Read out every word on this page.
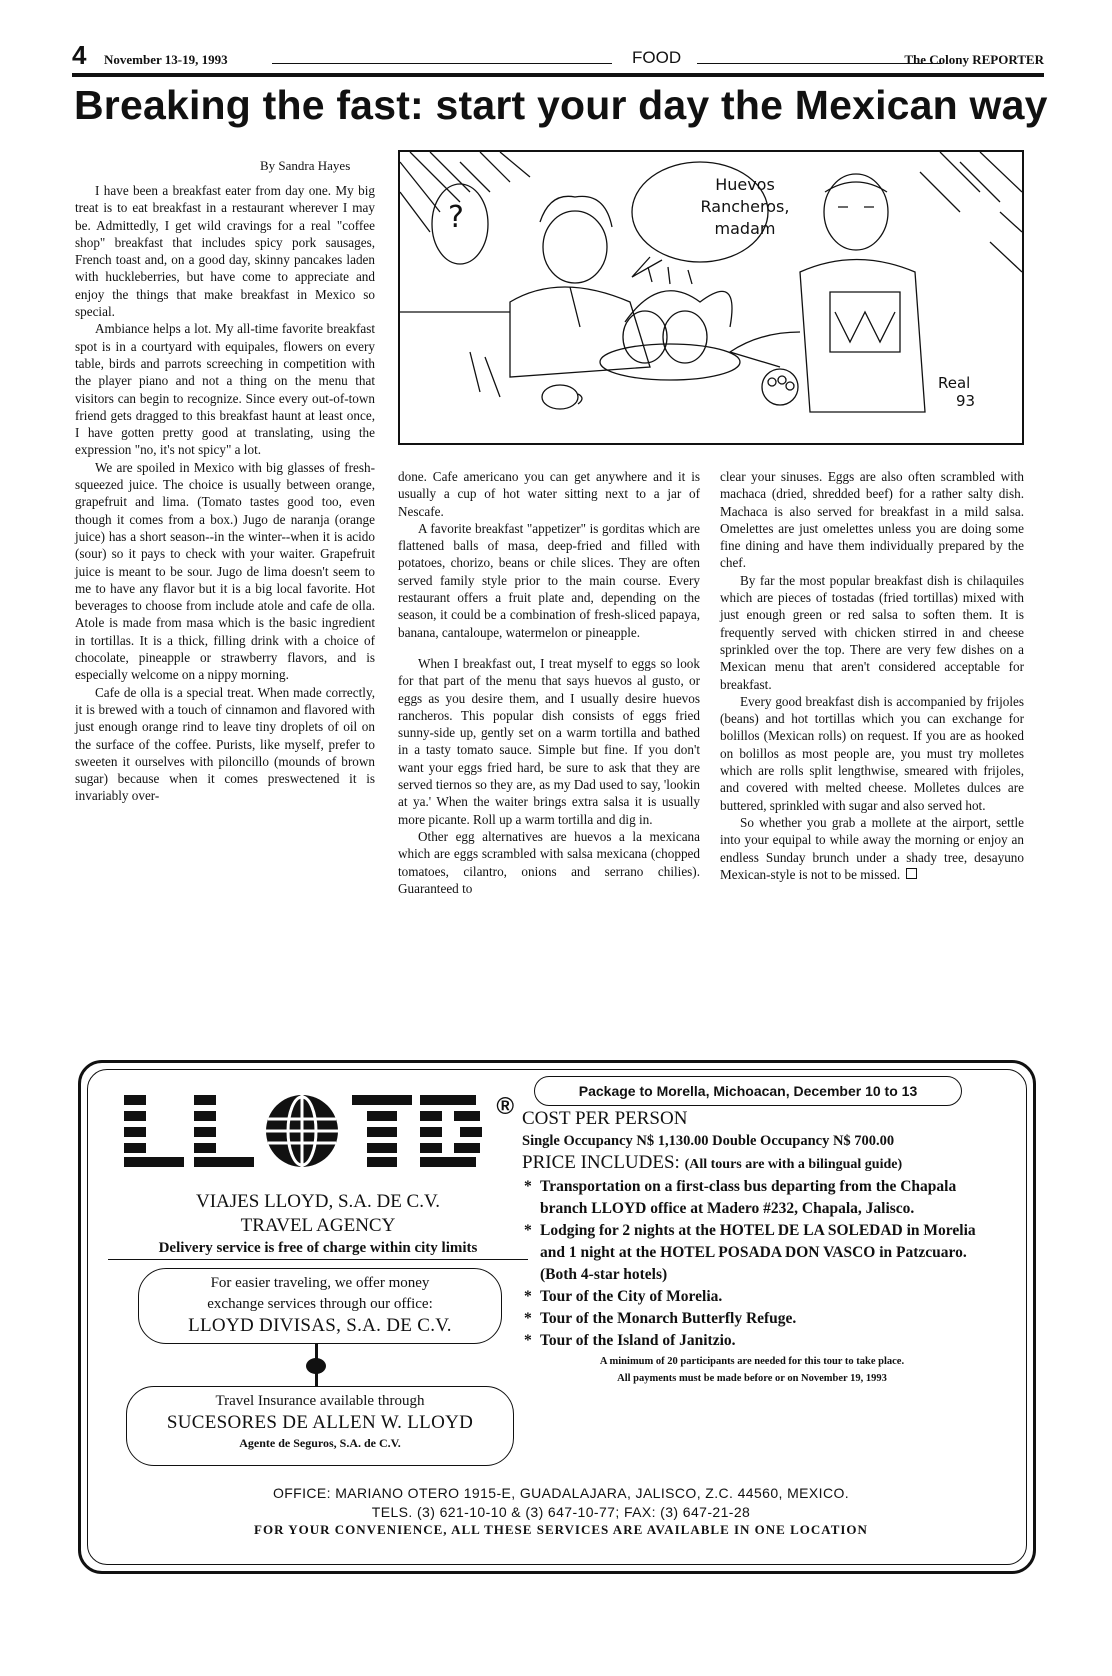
4 November 13-19, 1993	FOOD	The Colony REPORTER
Breaking the fast: start your day the Mexican way
By Sandra Hayes

I have been a breakfast eater from day one. My big treat is to eat breakfast in a restaurant wherever I may be. Admittedly, I get wild cravings for a real "coffee shop" breakfast that includes spicy pork sausages, French toast and, on a good day, skinny pancakes laden with huckleberries, but have come to appreciate and enjoy the things that make breakfast in Mexico so special.

Ambiance helps a lot. My all-time favorite breakfast spot is in a courtyard with equipales, flowers on every table, birds and parrots screeching in competition with the player piano and not a thing on the menu that visitors can begin to recognize. Since every out-of-town friend gets dragged to this breakfast haunt at least once, I have gotten pretty good at translating, using the expression "no, it's not spicy" a lot.

We are spoiled in Mexico with big glasses of fresh-squeezed juice. The choice is usually between orange, grapefruit and lima. (Tomato tastes good too, even though it comes from a box.) Jugo de naranja (orange juice) has a short season--in the winter--when it is acido (sour) so it pays to check with your waiter. Grapefruit juice is meant to be sour. Jugo de lima doesn't seem to me to have any flavor but it is a big local favorite. Hot beverages to choose from include atole and cafe de olla. Atole is made from masa which is the basic ingredient in tortillas. It is a thick, filling drink with a choice of chocolate, pineapple or strawberry flavors, and is especially welcome on a nippy morning.

Cafe de olla is a special treat. When made correctly, it is brewed with a touch of cinnamon and flavored with just enough orange rind to leave tiny droplets of oil on the surface of the coffee. Purists, like myself, prefer to sweeten it ourselves with piloncillo (mounds of brown sugar) because when it comes preswectened it is invariably over-

Huevos
Rancheros,
madam
?
Real
93

done. Cafe americano you can get anywhere and it is usually a cup of hot water sitting next to a jar of Nescafe.

A favorite breakfast "appetizer" is gorditas which are flattened balls of masa, deep-fried and filled with potatoes, chorizo, beans or chile slices. They are often served family style prior to the main course. Every restaurant offers a fruit plate and, depending on the season, it could be a combination of fresh-sliced papaya, banana, cantaloupe, watermelon or pineapple.

When I breakfast out, I treat myself to eggs so look for that part of the menu that says huevos al gusto, or eggs as you desire them, and I usually desire huevos rancheros. This popular dish consists of eggs fried sunny-side up, gently set on a warm tortilla and bathed in a tasty tomato sauce. Simple but fine. If you don't want your eggs fried hard, be sure to ask that they are served tiernos so they are, as my Dad used to say, 'lookin at ya.' When the waiter brings extra salsa it is usually more picante. Roll up a warm tortilla and dig in.

Other egg alternatives are huevos a la mexicana which are eggs scrambled with salsa mexicana (chopped tomatoes, cilantro, onions and serrano chilies). Guaranteed to

clear your sinuses. Eggs are also often scrambled with machaca (dried, shredded beef) for a rather salty dish. Machaca is also served for breakfast in a mild salsa. Omelettes are just omelettes unless you are doing some fine dining and have them individually prepared by the chef.

By far the most popular breakfast dish is chilaquiles which are pieces of tostadas (fried tortillas) mixed with just enough green or red salsa to soften them. It is frequently served with chicken stirred in and cheese sprinkled over the top. There are very few dishes on a Mexican menu that aren't considered acceptable for breakfast.

Every good breakfast dish is accompanied by frijoles (beans) and hot tortillas which you can exchange for bolillos (Mexican rolls) on request. If you are as hooked on bolillos as most people are, you must try molletes which are rolls split lengthwise, smeared with frijoles, and covered with melted cheese. Molletes dulces are buttered, sprinkled with sugar and also served hot.

So whether you grab a mollete at the airport, settle into your equipal to while away the morning or enjoy an endless Sunday brunch under a shady tree, desayuno Mexican-style is not to be missed.

®
VIAJES LLOYD, S.A. DE C.V.
TRAVEL AGENCY
Delivery service is free of charge within city limits
For easier traveling, we offer money
exchange services through our office:
LLOYD DIVISAS, S.A. DE C.V.
Travel Insurance available through
SUCESORES DE ALLEN W. LLOYD
Agente de Seguros, S.A. de C.V.
Package to Morella, Michoacan, December 10 to 13
COST PER PERSON
Single Occupancy N$ 1,130.00 Double Occupancy N$ 700.00
PRICE INCLUDES: (All tours are with a bilingual guide)
* Transportation on a first-class bus departing from the Chapala branch LLOYD office at Madero #232, Chapala, Jalisco.
* Lodging for 2 nights at the HOTEL DE LA SOLEDAD in Morelia and 1 night at the HOTEL POSADA DON VASCO in Patzcuaro. (Both 4-star hotels)
* Tour of the City of Morelia.
* Tour of the Monarch Butterfly Refuge.
* Tour of the Island of Janitzio.
A minimum of 20 participants are needed for this tour to take place.
All payments must be made before or on November 19, 1993
OFFICE: MARIANO OTERO 1915-E, GUADALAJARA, JALISCO, Z.C. 44560, MEXICO.
TELS. (3) 621-10-10 & (3) 647-10-77; FAX: (3) 647-21-28
FOR YOUR CONVENIENCE, ALL THESE SERVICES ARE AVAILABLE IN ONE LOCATION
